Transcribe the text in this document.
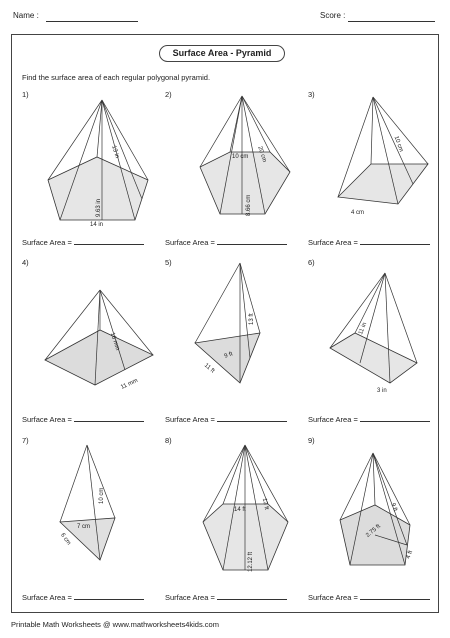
Name :	Score :
Surface Area - Pyramid
Find the surface area of each regular polygonal pyramid.
1)	2)	3)
4)	5)	6)
7)	8)	9)
13 in
9.63 in
14 in
10 cm 20 cm
8.66 cm
10 cm
4 cm
16 mm
11 mm
13 ft
9 ft
11 ft
11 in
3 in
10 cm
7 cm
6 cm
14 ft	13 ft
12.12 ft
9 ft
2.75 ft
4 ft
Surface Area =	Surface Area =	Surface Area =
Surface Area =	Surface Area =	Surface Area =
Surface Area =	Surface Area =	Surface Area =
Printable Math Worksheets @ www.mathworksheets4kids.com
